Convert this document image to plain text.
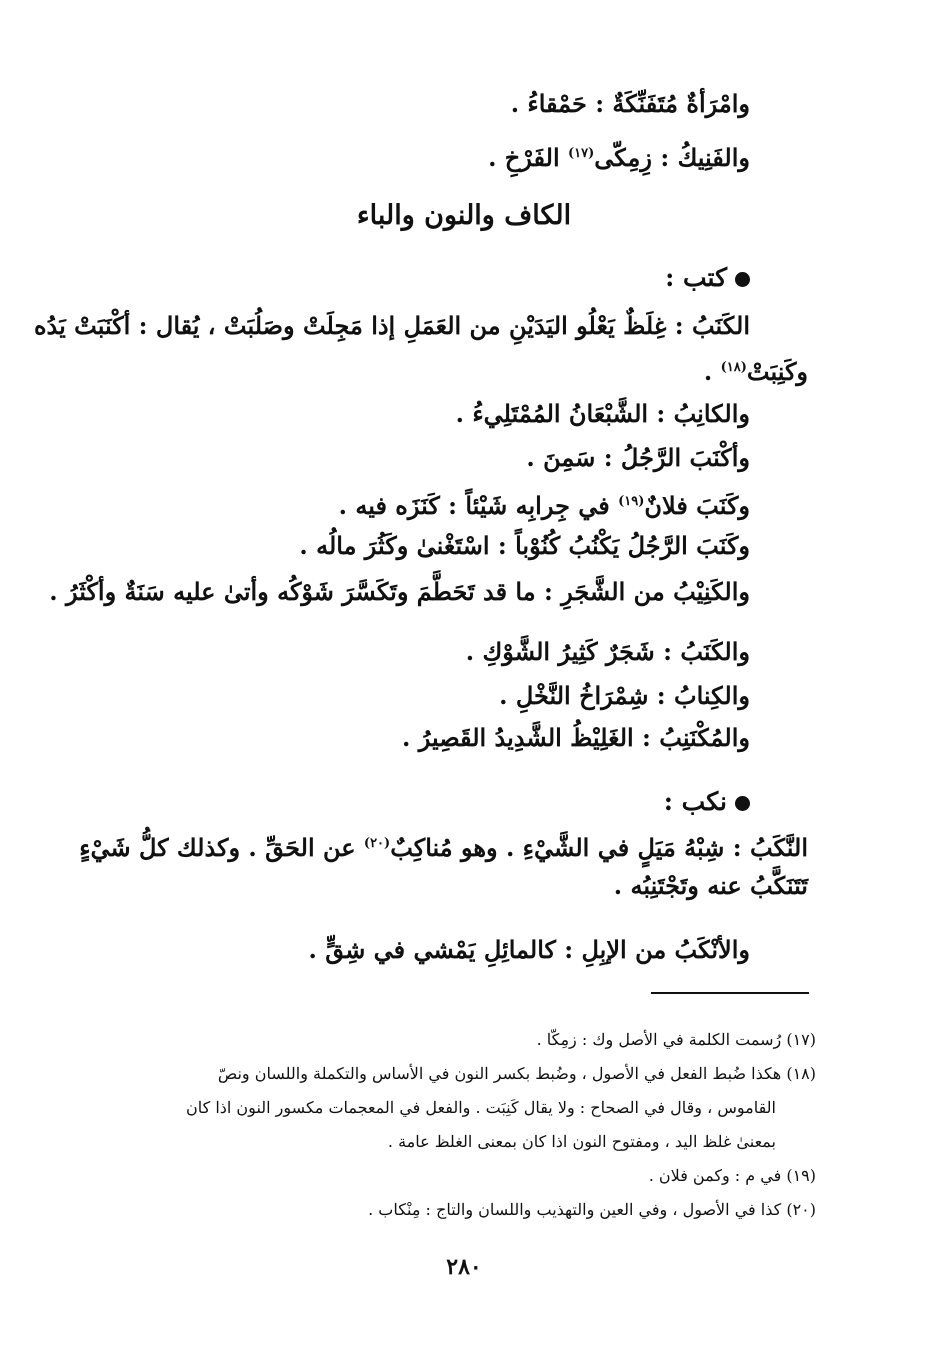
وامْرَأةٌ مُتَفَنِّكَةٌ : حَمْقاءُ .
والفَنِيكُ : زِمِكّى$^{(١٧)}$ الفَرْخِ .
الكاف والنون والباء
كتب :
الكَنَبُ : غِلَظٌ يَعْلُو اليَدَيْنِ من العَمَلِ إذا مَجِلَتْ وصَلُبَتْ ، يُقال : أكْنَبَتْ يَدُه
وكَنِبَتْ$^{(١٨)}$ .
والكانِبُ : الشَّبْعَانُ المُمْتَلِيءُ .
وأكْنَبَ الرَّجُلُ : سَمِنَ .
وكَنَبَ فلانٌ$^{(١٩)}$ في جِرابِه شَيْئاً : كَنَزَه فيه .
وكَنَبَ الرَّجُلُ يَكْنُبُ كُنُوْباً : اسْتَغْنىٰ وكَثُرَ مالُه .
والكَنِيْبُ من الشَّجَرِ : ما قد تَحَطَّمَ وتَكَسَّرَ شَوْكُه وأتىٰ عليه سَنَةٌ وأكْثَرُ .
والكَنَبُ : شَجَرٌ كَثِيرُ الشَّوْكِ .
والكِنابُ : شِمْرَاخُ النَّخْلِ .
والمُكْنَنِبُ : الغَلِيْظُ الشَّدِيدُ القَصِيرُ .
نكب :
النَّكَبُ : شِبْهُ مَيَلٍ في الشَّيْءِ . وهو مُناكِبٌ$^{(٢٠)}$ عن الحَقِّ . وكذلك كلُّ شَيْءٍ
تَتَنَكَّبُ عنه وتَجْتَنِبُه .
والأنْكَبُ من الإبِلِ : كالمائِلِ يَمْشي في شِقٍّ .
(١٧) رُسمت الكلمة في الأصل وك : زمِكّا .
(١٨) هكذا ضُبط الفعل في الأصول ، وضُبط بكسر النون في الأساس والتكملة واللسان ونصّ
القاموس ، وقال في الصحاح : ولا يقال كَنِبَت . والفعل في المعجمات مكسور النون اذا كان
بمعنىٰ غلظ اليد ، ومفتوح النون اذا كان بمعنى الغلظ عامة .
(١٩) في م : وكمن فلان .
(٢٠) كذا في الأصول ، وفي العين والتهذيب واللسان والتاج : مِنْكاب .
٢٨٠
